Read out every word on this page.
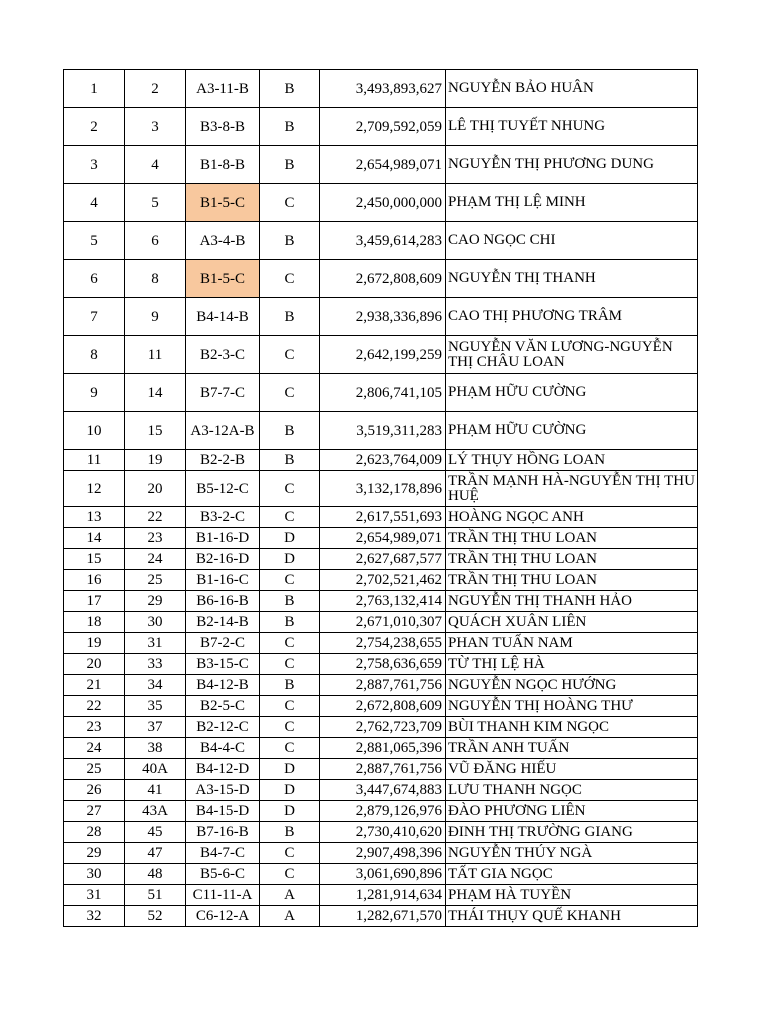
1	2	A3-11-B	B	3,493,893,627	NGUYỄN BẢO HUÂN
2	3	B3-8-B	B	2,709,592,059	LÊ THỊ TUYẾT NHUNG
3	4	B1-8-B	B	2,654,989,071	NGUYỄN THỊ PHƯƠNG DUNG
4	5	B1-5-C	C	2,450,000,000	PHẠM THỊ LỆ MINH
5	6	A3-4-B	B	3,459,614,283	CAO NGỌC CHI
6	8	B1-5-C	C	2,672,808,609	NGUYỄN THỊ THANH
7	9	B4-14-B	B	2,938,336,896	CAO THỊ PHƯƠNG TRÂM
8	11	B2-3-C	C	2,642,199,259	NGUYỄN VĂN LƯƠNG-NGUYỄN THỊ CHÂU LOAN
9	14	B7-7-C	C	2,806,741,105	PHẠM HỮU CƯỜNG
10	15	A3-12A-B	B	3,519,311,283	PHẠM HỮU CƯỜNG
11	19	B2-2-B	B	2,623,764,009	LÝ THỤY HỒNG LOAN
12	20	B5-12-C	C	3,132,178,896	TRẦN MẠNH HÀ-NGUYỄN THỊ THU HUỆ
13	22	B3-2-C	C	2,617,551,693	HOÀNG NGỌC ANH
14	23	B1-16-D	D	2,654,989,071	TRẦN THỊ THU LOAN
15	24	B2-16-D	D	2,627,687,577	TRẦN THỊ THU LOAN
16	25	B1-16-C	C	2,702,521,462	TRẦN THỊ THU LOAN
17	29	B6-16-B	B	2,763,132,414	NGUYỄN THỊ THANH HẢO
18	30	B2-14-B	B	2,671,010,307	QUÁCH XUÂN LIÊN
19	31	B7-2-C	C	2,754,238,655	PHAN TUẤN NAM
20	33	B3-15-C	C	2,758,636,659	TỪ THỊ LỆ HÀ
21	34	B4-12-B	B	2,887,761,756	NGUYỄN NGỌC HƯỚNG
22	35	B2-5-C	C	2,672,808,609	NGUYỄN THỊ HOÀNG THƯ
23	37	B2-12-C	C	2,762,723,709	BÙI THANH KIM NGỌC
24	38	B4-4-C	C	2,881,065,396	TRẦN ANH TUẤN
25	40A	B4-12-D	D	2,887,761,756	VŨ ĐĂNG HIẾU
26	41	A3-15-D	D	3,447,674,883	LƯU THANH NGỌC
27	43A	B4-15-D	D	2,879,126,976	ĐÀO PHƯƠNG LIÊN
28	45	B7-16-B	B	2,730,410,620	ĐINH THỊ TRƯỜNG GIANG
29	47	B4-7-C	C	2,907,498,396	NGUYỄN THÚY NGÀ
30	48	B5-6-C	C	3,061,690,896	TẤT GIA NGỌC
31	51	C11-11-A	A	1,281,914,634	PHẠM HÀ TUYỀN
32	52	C6-12-A	A	1,282,671,570	THÁI THỤY QUẾ KHANH
